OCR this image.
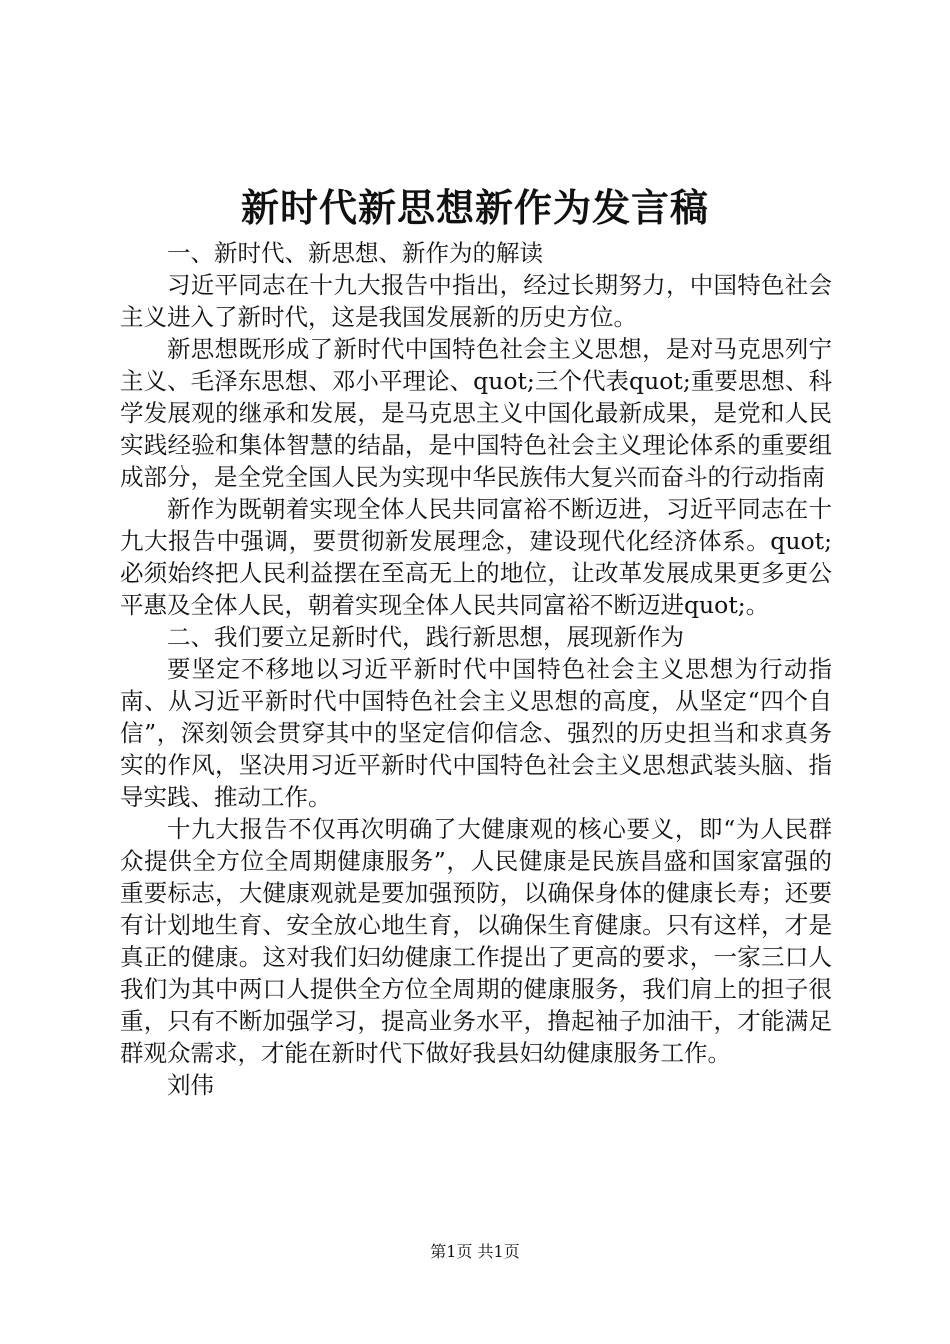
新时代新思想新作为发言稿

一、新时代、新思想、新作为的解读

习近平同志在十九大报告中指出，经过长期努力，中国特色社会主义进入了新时代，这是我国发展新的历史方位。

新思想既形成了新时代中国特色社会主义思想，是对马克思列宁主义、毛泽东思想、邓小平理论、quot;三个代表quot;重要思想、科学发展观的继承和发展，是马克思主义中国化最新成果，是党和人民实践经验和集体智慧的结晶，是中国特色社会主义理论体系的重要组成部分，是全党全国人民为实现中华民族伟大复兴而奋斗的行动指南

新作为既朝着实现全体人民共同富裕不断迈进，习近平同志在十九大报告中强调，要贯彻新发展理念，建设现代化经济体系。quot;必须始终把人民利益摆在至高无上的地位，让改革发展成果更多更公平惠及全体人民，朝着实现全体人民共同富裕不断迈进quot;。

二、我们要立足新时代，践行新思想，展现新作为

要坚定不移地以习近平新时代中国特色社会主义思想为行动指南、从习近平新时代中国特色社会主义思想的高度，从坚定“四个自信”，深刻领会贯穿其中的坚定信仰信念、强烈的历史担当和求真务实的作风，坚决用习近平新时代中国特色社会主义思想武装头脑、指导实践、推动工作。

十九大报告不仅再次明确了大健康观的核心要义，即“为人民群众提供全方位全周期健康服务”，人民健康是民族昌盛和国家富强的重要标志，大健康观就是要加强预防，以确保身体的健康长寿；还要有计划地生育、安全放心地生育，以确保生育健康。只有这样，才是真正的健康。这对我们妇幼健康工作提出了更高的要求，一家三口人我们为其中两口人提供全方位全周期的健康服务，我们肩上的担子很重，只有不断加强学习，提高业务水平，撸起袖子加油干，才能满足群观众需求，才能在新时代下做好我县妇幼健康服务工作。

刘伟

第1页 共1页
